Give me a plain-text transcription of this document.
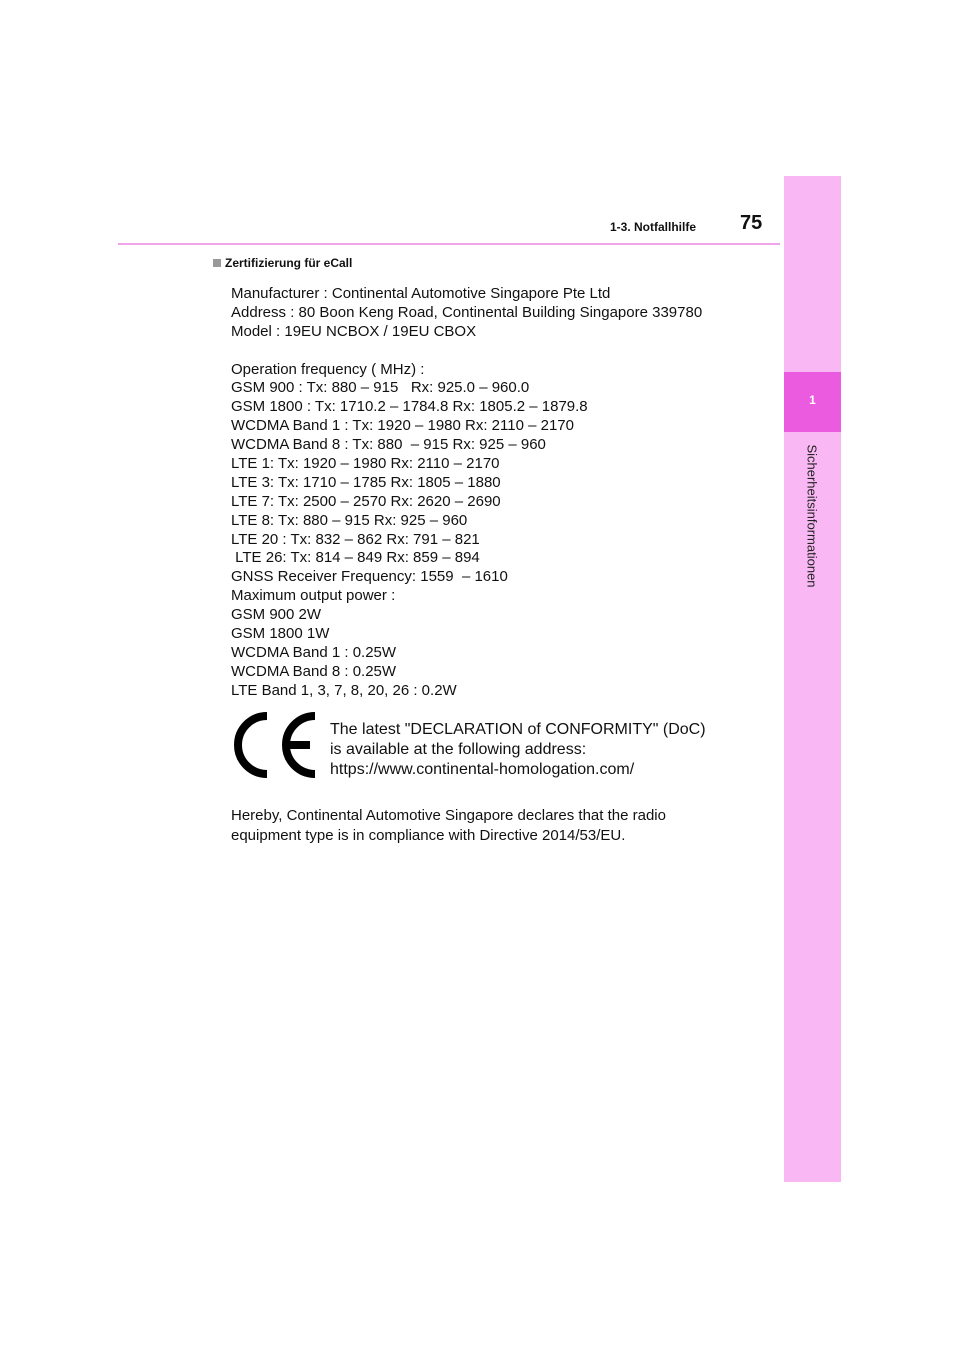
1
Sicherheitsinformationen
1-3. Notfallhilfe 75
Zertifizierung für eCall
Manufacturer : Continental Automotive Singapore Pte Ltd
Address : 80 Boon Keng Road, Continental Building Singapore 339780
Model : 19EU NCBOX / 19EU CBOX
Operation frequency ( MHz) :
GSM 900 : Tx: 880 – 915   Rx: 925.0 – 960.0
GSM 1800 : Tx: 1710.2 – 1784.8 Rx: 1805.2 – 1879.8
WCDMA Band 1 : Tx: 1920 – 1980 Rx: 2110 – 2170
WCDMA Band 8 : Tx: 880  – 915 Rx: 925 – 960
LTE 1: Tx: 1920 – 1980 Rx: 2110 – 2170
LTE 3: Tx: 1710 – 1785 Rx: 1805 – 1880
LTE 7: Tx: 2500 – 2570 Rx: 2620 – 2690
LTE 8: Tx: 880 – 915 Rx: 925 – 960
LTE 20 : Tx: 832 – 862 Rx: 791 – 821
LTE 26: Tx: 814 – 849 Rx: 859 – 894
GNSS Receiver Frequency: 1559  – 1610
Maximum output power :
GSM 900 2W
GSM 1800 1W
WCDMA Band 1 : 0.25W
WCDMA Band 8 : 0.25W
LTE Band 1, 3, 7, 8, 20, 26 : 0.2W
The latest "DECLARATION of CONFORMITY" (DoC)
is available at the following address:
https://www.continental-homologation.com/
Hereby, Continental Automotive Singapore declares that the radio
equipment type is in compliance with Directive 2014/53/EU.
